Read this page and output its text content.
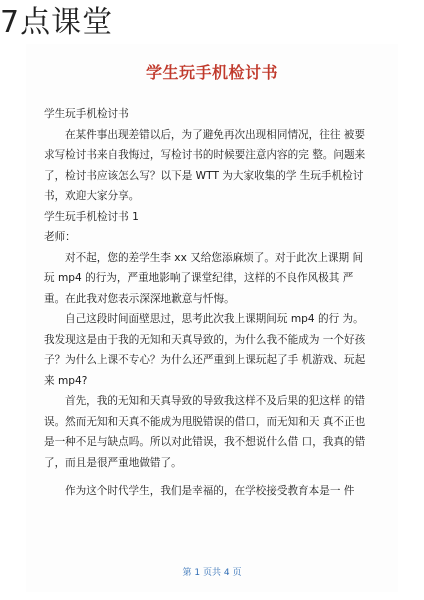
7点课堂
学生玩手机检讨书

学生玩手机检讨书

在某件事出现差错以后，为了避免再次出现相同情况，往往 被要求写检讨书来自我悔过，写检讨书的时候要注意内容的完 整。问题来了，检讨书应该怎么写？以下是 WTT 为大家收集的学 生玩手机检讨书，欢迎大家分享。

学生玩手机检讨书 1

老师：

对不起，您的差学生李 xx 又给您添麻烦了。对于此次上课期 间玩 mp4 的行为，严重地影响了课堂纪律，这样的不良作风极其 严重。在此我对您表示深深地歉意与忏悔。

自己这段时间面壁思过，思考此次我上课期间玩 mp4 的行 为。我发现这是由于我的无知和天真导致的，为什么我不能成为 一个好孩子？为什么上课不专心？为什么还严重到上课玩起了手 机游戏、玩起来 mp4?

首先，我的无知和天真导致的导致我这样不及后果的犯这样 的错误。然而无知和天真不能成为甩脱错误的借口，而无知和天 真不正也是一种不足与缺点吗。所以对此错误，我不想说什么借 口，我真的错了，而且是很严重地做错了。

作为这个时代学生，我们是幸福的，在学校接受教育本是一 件

第 1 页共 4 页
